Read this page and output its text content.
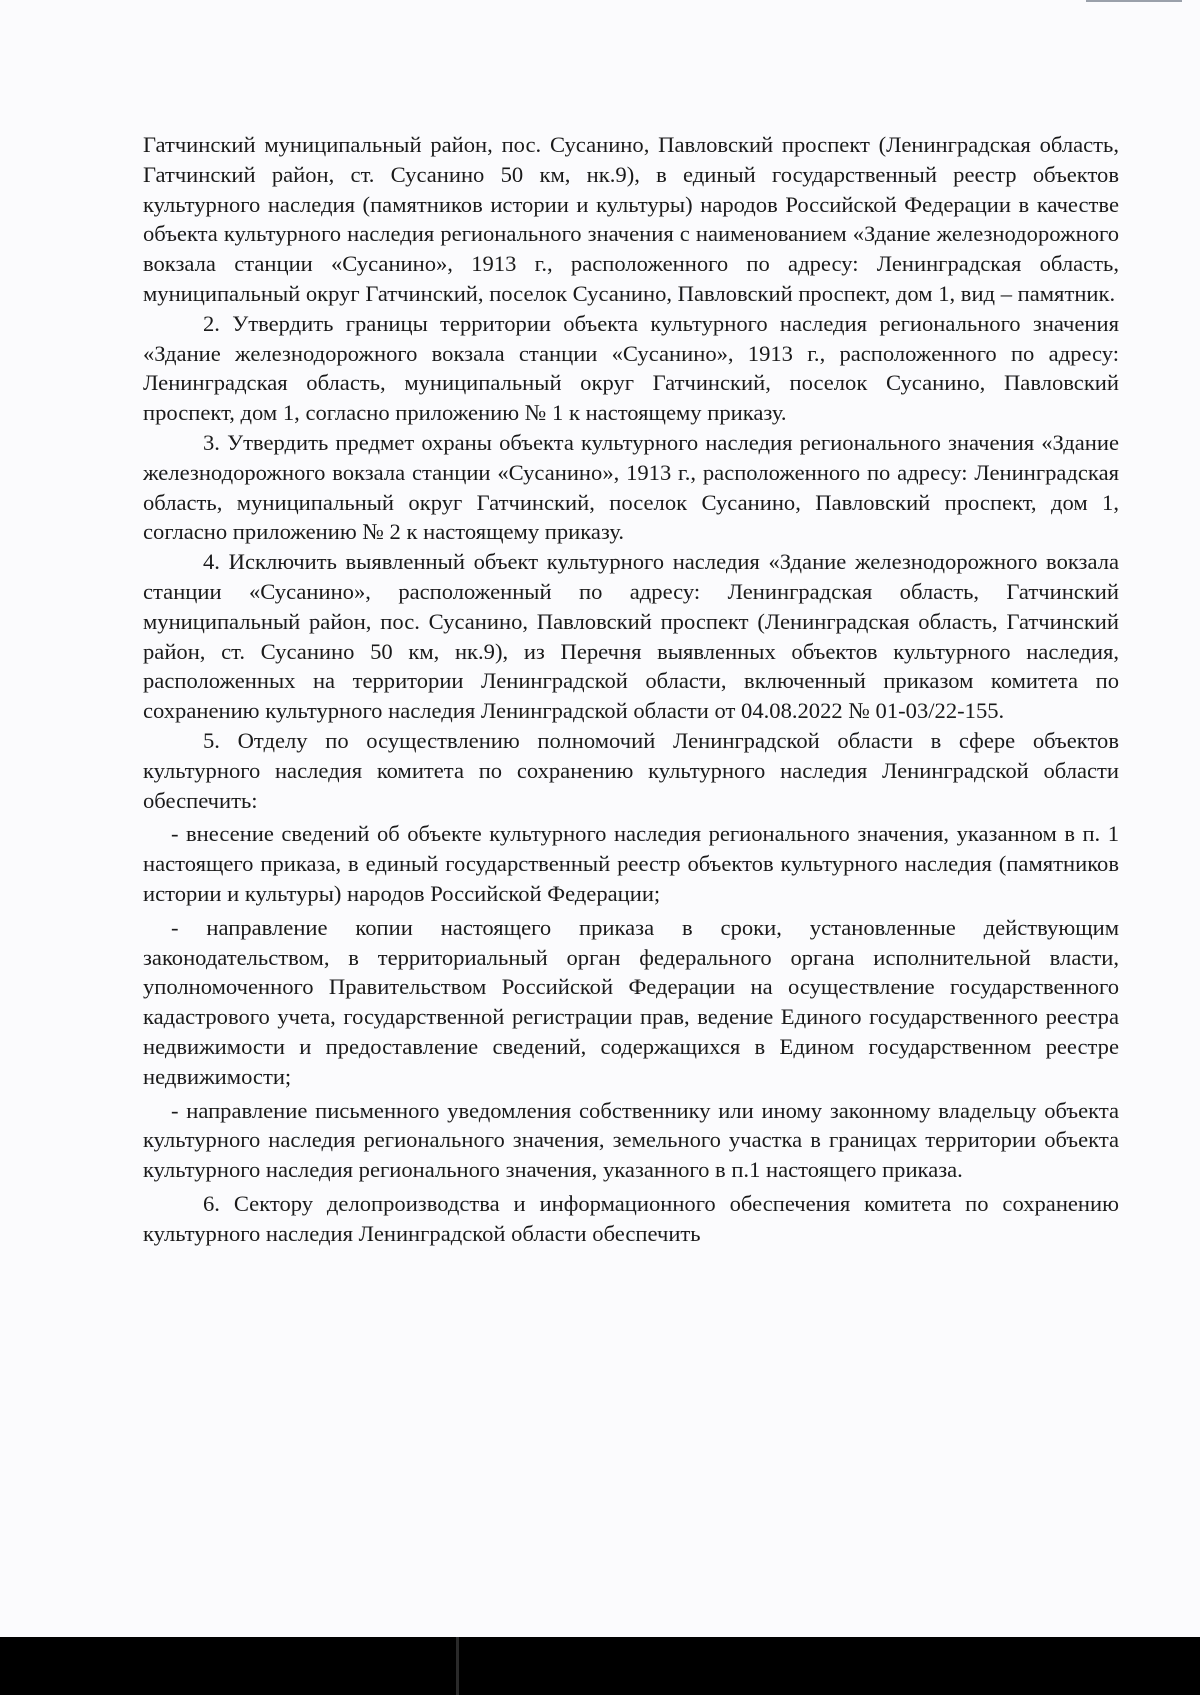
Гатчинский муниципальный район, пос. Сусанино, Павловский проспект (Ленинградская область, Гатчинский район, ст. Сусанино 50 км, нк.9), в единый государственный реестр объектов культурного наследия (памятников истории и культуры) народов Российской Федерации в качестве объекта культурного наследия регионального значения с наименованием «Здание железнодорожного вокзала станции «Сусанино», 1913 г., расположенного по адресу: Ленинградская область, муниципальный округ Гатчинский, поселок Сусанино, Павловский проспект, дом 1, вид – памятник.

2. Утвердить границы территории объекта культурного наследия регионального значения «Здание железнодорожного вокзала станции «Сусанино», 1913 г., расположенного по адресу: Ленинградская область, муниципальный округ Гатчинский, поселок Сусанино, Павловский проспект, дом 1, согласно приложению № 1 к настоящему приказу.

3. Утвердить предмет охраны объекта культурного наследия регионального значения «Здание железнодорожного вокзала станции «Сусанино», 1913 г., расположенного по адресу: Ленинградская область, муниципальный округ Гатчинский, поселок Сусанино, Павловский проспект, дом 1, согласно приложению № 2 к настоящему приказу.

4. Исключить выявленный объект культурного наследия «Здание железнодорожного вокзала станции «Сусанино», расположенный по адресу: Ленинградская область, Гатчинский муниципальный район, пос. Сусанино, Павловский проспект (Ленинградская область, Гатчинский район, ст. Сусанино 50 км, нк.9), из Перечня выявленных объектов культурного наследия, расположенных на территории Ленинградской области, включенный приказом комитета по сохранению культурного наследия Ленинградской области от 04.08.2022 № 01-03/22-155.

5. Отделу по осуществлению полномочий Ленинградской области в сфере объектов культурного наследия комитета по сохранению культурного наследия Ленинградской области обеспечить:

- внесение сведений об объекте культурного наследия регионального значения, указанном в п. 1 настоящего приказа, в единый государственный реестр объектов культурного наследия (памятников истории и культуры) народов Российской Федерации;

- направление копии настоящего приказа в сроки, установленные действующим законодательством, в территориальный орган федерального органа исполнительной власти, уполномоченного Правительством Российской Федерации на осуществление государственного кадастрового учета, государственной регистрации прав, ведение Единого государственного реестра недвижимости и предоставление сведений, содержащихся в Едином государственном реестре недвижимости;

- направление письменного уведомления собственнику или иному законному владельцу объекта культурного наследия регионального значения, земельного участка в границах территории объекта культурного наследия регионального значения, указанного в п.1 настоящего приказа.

6. Сектору делопроизводства и информационного обеспечения комитета по сохранению культурного наследия Ленинградской области обеспечить
